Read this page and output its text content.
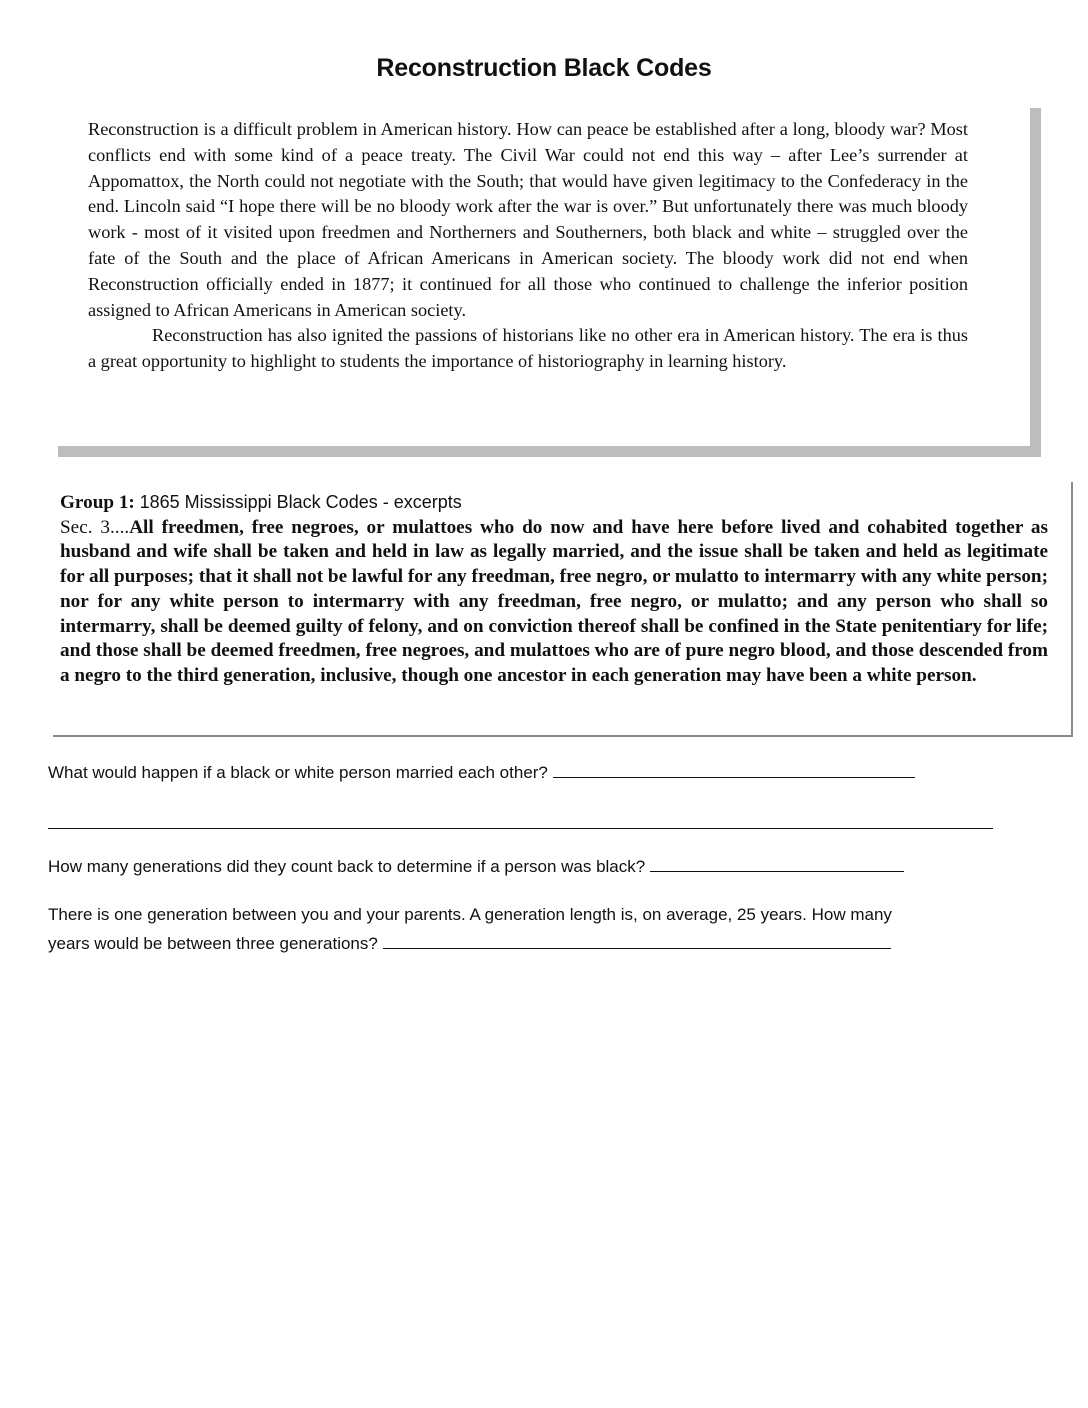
Reconstruction Black Codes

Reconstruction is a difficult problem in American history. How can peace be established after a long, bloody war? Most conflicts end with some kind of a peace treaty. The Civil War could not end this way – after Lee’s surrender at Appomattox, the North could not negotiate with the South; that would have given legitimacy to the Confederacy in the end. Lincoln said “I hope there will be no bloody work after the war is over.” But unfortunately there was much bloody work - most of it visited upon freedmen and Northerners and Southerners, both black and white – struggled over the fate of the South and the place of African Americans in American society. The bloody work did not end when Reconstruction officially ended in 1877; it continued for all those who continued to challenge the inferior position assigned to African Americans in American society.

Reconstruction has also ignited the passions of historians like no other era in American history. The era is thus a great opportunity to highlight to students the importance of historiography in learning history.

Group 1: 1865 Mississippi Black Codes - excerpts
Sec. 3....All freedmen, free negroes, or mulattoes who do now and have here before lived and cohabited together as husband and wife shall be taken and held in law as legally married, and the issue shall be taken and held as legitimate for all purposes; that it shall not be lawful for any freedman, free negro, or mulatto to intermarry with any white person; nor for any white person to intermarry with any freedman, free negro, or mulatto; and any person who shall so intermarry, shall be deemed guilty of felony, and on conviction thereof shall be confined in the State penitentiary for life; and those shall be deemed freedmen, free negroes, and mulattoes who are of pure negro blood, and those descended from a negro to the third generation, inclusive, though one ancestor in each generation may have been a white person.
What would happen if a black or white person married each other?
How many generations did they count back to determine if a person was black?
There is one generation between you and your parents. A generation length is, on average, 25 years. How many
years would be between three generations?
